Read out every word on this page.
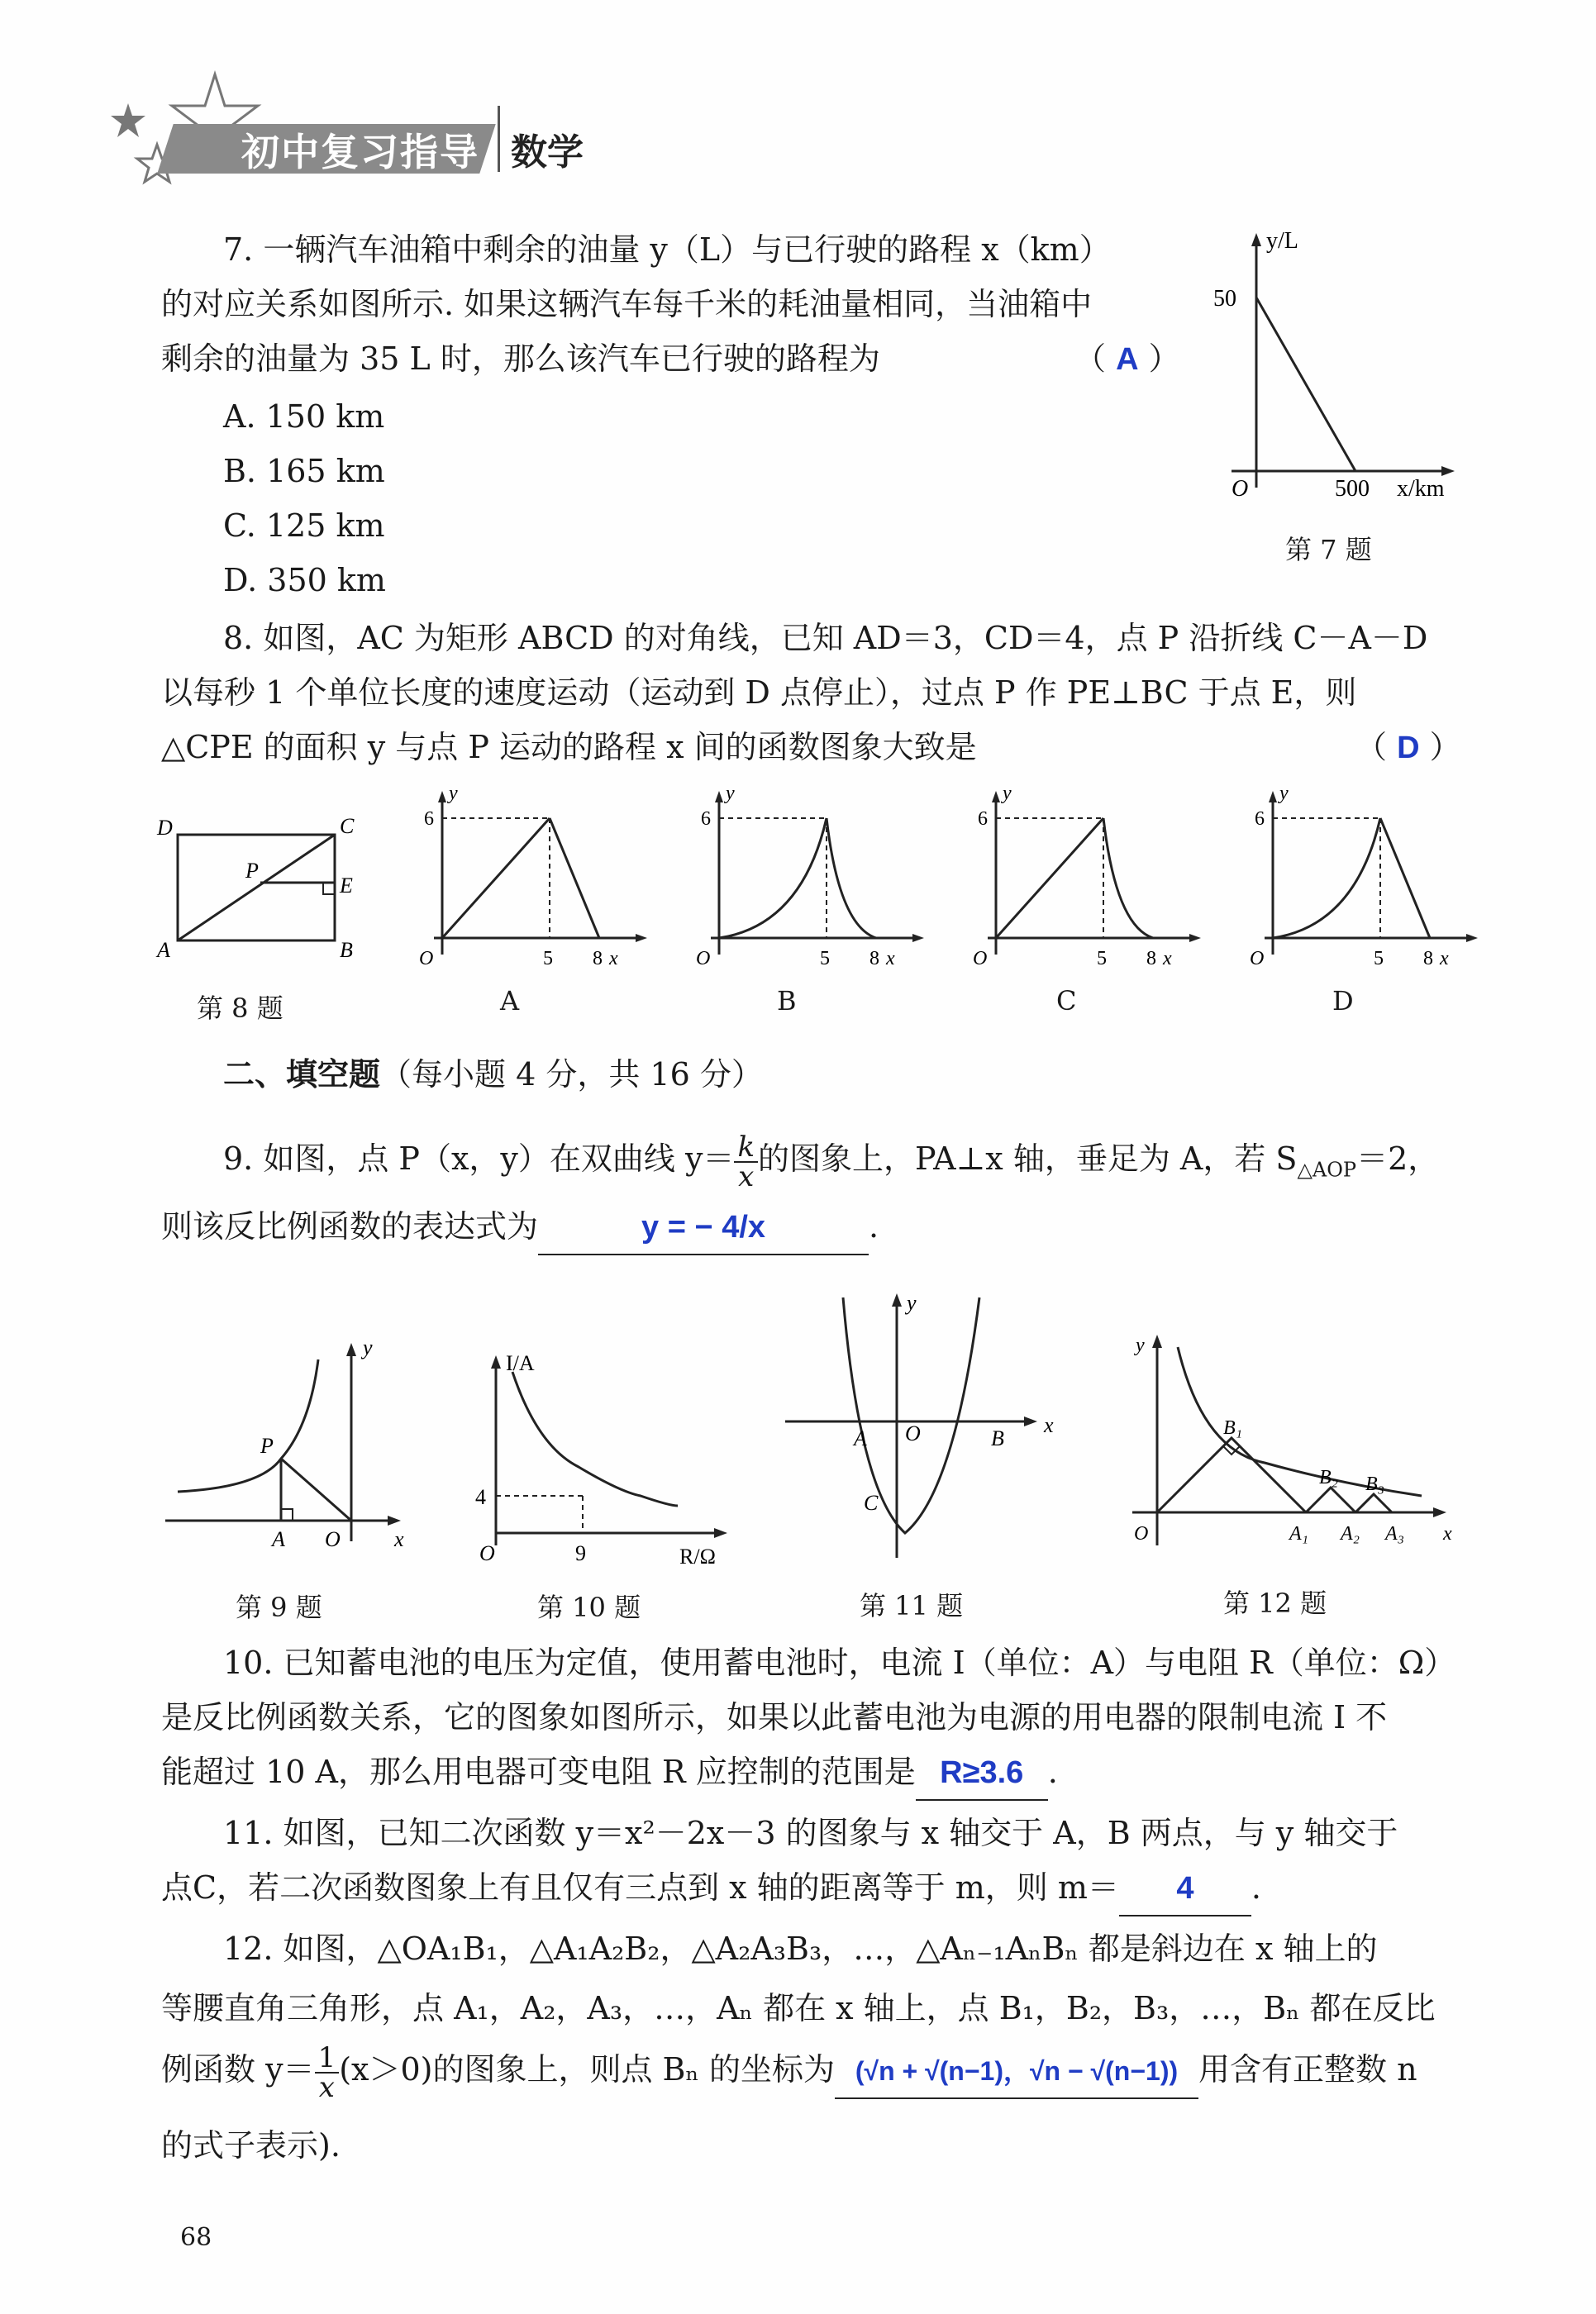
初中复习指导 数学
7. 一辆汽车油箱中剩余的油量 y（L）与已行驶的路程 x（km）
的对应关系如图所示. 如果这辆汽车每千米的耗油量相同，当油箱中
剩余的油量为 35 L 时，那么该汽车已行驶的路程为	（ A ）
A. 150 km
B. 165 km
C. 125 km
D. 350 km
y/L
50
O	500 x/km
第 7 题
8. 如图，AC 为矩形 ABCD 的对角线，已知 AD＝3，CD＝4，点 P 沿折线 C－A－D
以每秒 1 个单位长度的速度运动（运动到 D 点停止），过点 P 作 PE⊥BC 于点 E，则
△CPE 的面积 y 与点 P 运动的路程 x 间的函数图象大致是	（ D ）
D	C
A	B
P
E
第 8 题
y
6
O	5 8 x
y
6
O	5 8 x
y
6
O	5 8 x
y
6
O	5 8 x
A	B	C	D
二、填空题（每小题 4 分，共 16 分）
9. 如图，点 P（x，y）在双曲线 $y= \frac{k}{x}$ 的图象上，PA⊥x 轴，垂足为 A，若 $S_{\triangle AOP}=2$，
则该反比例函数的表达式为	y = − 4/x	.
P
A O	x
y
第 9 题
I/A
4
O	9	R/Ω
第 10 题
A O	B
C
x
y
第 11 题
B₁
B₂ B₃
A₁ A₂ A₃
O	x
y
第 12 题
10. 已知蓄电池的电压为定值，使用蓄电池时，电流 I（单位：A）与电阻 R（单位：Ω）
是反比例函数关系，它的图象如图所示，如果以此蓄电池为电源的用电器的限制电流 I 不
能超过 10 A，那么用电器可变电阻 R 应控制的范围是 R≥3.6 .
11. 如图，已知二次函数 y＝x²－2x－3 的图象与 x 轴交于 A，B 两点，与 y 轴交于
点C，若二次函数图象上有且仅有三点到 x 轴的距离等于 m，则 m＝ 4 .
12. 如图，△OA₁B₁，△A₁A₂B₂，△A₂A₃B₃，…，△Aₙ₋₁AₙBₙ 都是斜边在 x 轴上的
等腰直角三角形，点 A₁，A₂，A₃，…，Aₙ 都在 x 轴上，点 B₁，B₂，B₃，…，Bₙ 都在反比
例函数 $y= \frac{1}{x} (x>0)$的图象上，则点 Bₙ 的坐标为 (√n + √(n−1)，√n − √(n−1)) 用含有正整数 n
的式子表示).
68
